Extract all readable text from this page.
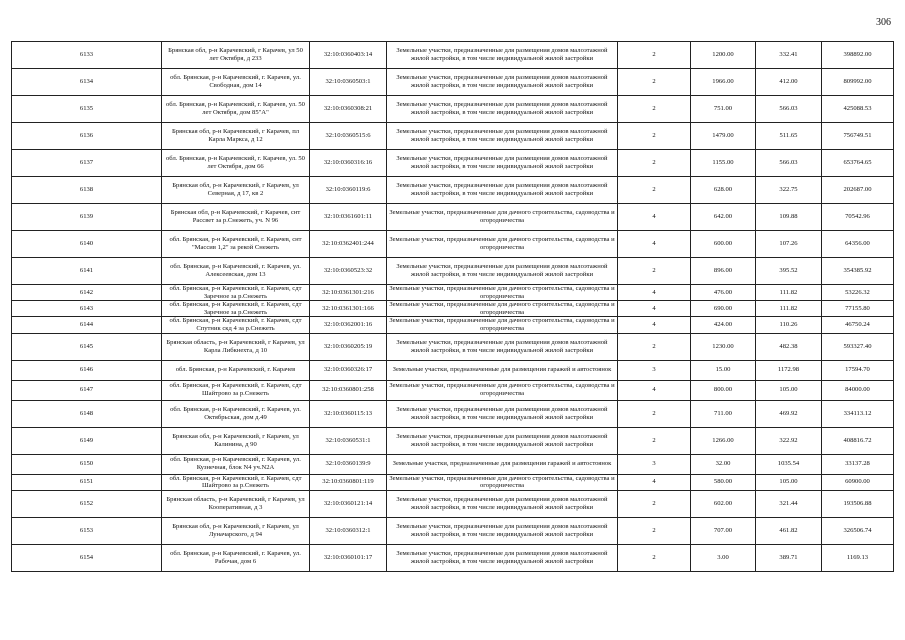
306
6133	Брянская обл, р-н Карачевский, г Карачев, ул 50 лет Октября, д 233	32:10:0360403:14	Земельные участки, предназначенные для размещения домов малоэтажной жилой застройки, в том числе индивидуальной жилой застройки	2	1200.00	332.41	398892.00
6134	обл. Брянская, р-н Карачевский, г. Карачев, ул. Свободная, дом 14	32:10:0360503:1	Земельные участки, предназначенные для размещения домов малоэтажной жилой застройки, в том числе индивидуальной жилой застройки	2	1966.00	412.00	809992.00
6135	обл. Брянская, р-н Карачевский, г. Карачев, ул. 50 лет Октября, дом 85"А"	32:10:0360308:21	Земельные участки, предназначенные для размещения домов малоэтажной жилой застройки, в том числе индивидуальной жилой застройки	2	751.00	566.03	425088.53
6136	Брянская обл, р-н Карачевский, г Карачев, пл Карла Маркса, д 12	32:10:0360515:6	Земельные участки, предназначенные для размещения домов малоэтажной жилой застройки, в том числе индивидуальной жилой застройки	2	1479.00	511.65	756749.51
6137	обл. Брянская, р-н Карачевский, г. Карачев, ул. 50 лет Октября, дом 66	32:10:0360316:16	Земельные участки, предназначенные для размещения домов малоэтажной жилой застройки, в том числе индивидуальной жилой застройки	2	1155.00	566.03	653764.65
6138	Брянская обл, р-н Карачевский, г Карачев, ул Северная, д 17, кв 2	32:10:0360119:6	Земельные участки, предназначенные для размещения домов малоэтажной жилой застройки, в том числе индивидуальной жилой застройки	2	628.00	322.75	202687.00
6139	Брянская обл, р-н Карачевский, г Карачев, снт Рассвет за р.Снежеть, уч. N 96	32:10:0361601:11	Земельные участки, предназначенные для дачного строительства, садоводства и огородничества	4	642.00	109.88	70542.96
6140	обл. Брянская, р-н Карачевский, г. Карачев, снт "Массив 1,2" за рекой Снежеть	32:10:0362401:244	Земельные участки, предназначенные для дачного строительства, садоводства и огородничества	4	600.00	107.26	64356.00
6141	обл. Брянская, р-н Карачевский, г. Карачев, ул. Алексеевская, дом 13	32:10:0360523:32	Земельные участки, предназначенные для размещения домов малоэтажной жилой застройки, в том числе индивидуальной жилой застройки	2	896.00	395.52	354385.92
6142	обл. Брянская, р-н Карачевский, г. Карачев, сдт Заречное за р.Снежеть	32:10:0361301:216	Земельные участки, предназначенные для дачного строительства, садоводства и огородничества	4	476.00	111.82	53226.32
6143	обл. Брянская, р-н Карачевский, г. Карачев, сдт Заречное за р.Снежеть	32:10:0361301:166	Земельные участки, предназначенные для дачного строительства, садоводства и огородничества	4	690.00	111.82	77155.80
6144	обл. Брянская, р-н Карачевский, г. Карачев, сдт Спутник скд 4 за р.Снежеть	32:10:0362001:16	Земельные участки, предназначенные для дачного строительства, садоводства и огородничества	4	424.00	110.26	46750.24
6145	Брянская область, р-н Карачевский, г Карачев, ул Карла Либкнехта, д 10	32:10:0360205:19	Земельные участки, предназначенные для размещения домов малоэтажной жилой застройки, в том числе индивидуальной жилой застройки	2	1230.00	482.38	593327.40
6146	обл. Брянская, р-н Карачевский, г. Карачев	32:10:0360326:17	Земельные участки, предназначенные для размещения гаражей и автостоянок	3	15.00	1172.98	17594.70
6147	обл. Брянская, р-н Карачевский, г. Карачев, сдт Шайтрово за р.Снежеть	32:10:0360801:258	Земельные участки, предназначенные для дачного строительства, садоводства и огородничества	4	800.00	105.00	84000.00
6148	обл. Брянская, р-н Карачевский, г. Карачев, ул. Октябрьская, дом д.49	32:10:0360115:13	Земельные участки, предназначенные для размещения домов малоэтажной жилой застройки, в том числе индивидуальной жилой застройки	2	711.00	469.92	334113.12
6149	Брянская обл, р-н Карачевский, г Карачев, ул Калинина, д 90	32:10:0360531:1	Земельные участки, предназначенные для размещения домов малоэтажной жилой застройки, в том числе индивидуальной жилой застройки	2	1266.00	322.92	408816.72
6150	обл. Брянская, р-н Карачевский, г. Карачев, ул. Кузнечная, блок N4 уч.N2А	32:10:0360139:9	Земельные участки, предназначенные для размещения гаражей и автостоянок	3	32.00	1035.54	33137.28
6151	обл. Брянская, р-н Карачевский, г. Карачев, сдт Шайтрово за р.Снежеть	32:10:0360801:119	Земельные участки, предназначенные для дачного строительства, садоводства и огородничества	4	580.00	105.00	60900.00
6152	Брянская область, р-н Карачевский, г Карачев, ул Кооперативная, д 3	32:10:0360121:14	Земельные участки, предназначенные для размещения домов малоэтажной жилой застройки, в том числе индивидуальной жилой застройки	2	602.00	321.44	193506.88
6153	Брянская обл, р-н Карачевский, г Карачев, ул Луначарского, д 94	32:10:0360312:1	Земельные участки, предназначенные для размещения домов малоэтажной жилой застройки, в том числе индивидуальной жилой застройки	2	707.00	461.82	326506.74
6154	обл. Брянская, р-н Карачевский, г. Карачев, ул. Рабочая, дом 6	32:10:0360101:17	Земельные участки, предназначенные для размещения домов малоэтажной жилой застройки, в том числе индивидуальной жилой застройки	2	3.00	389.71	1169.13
